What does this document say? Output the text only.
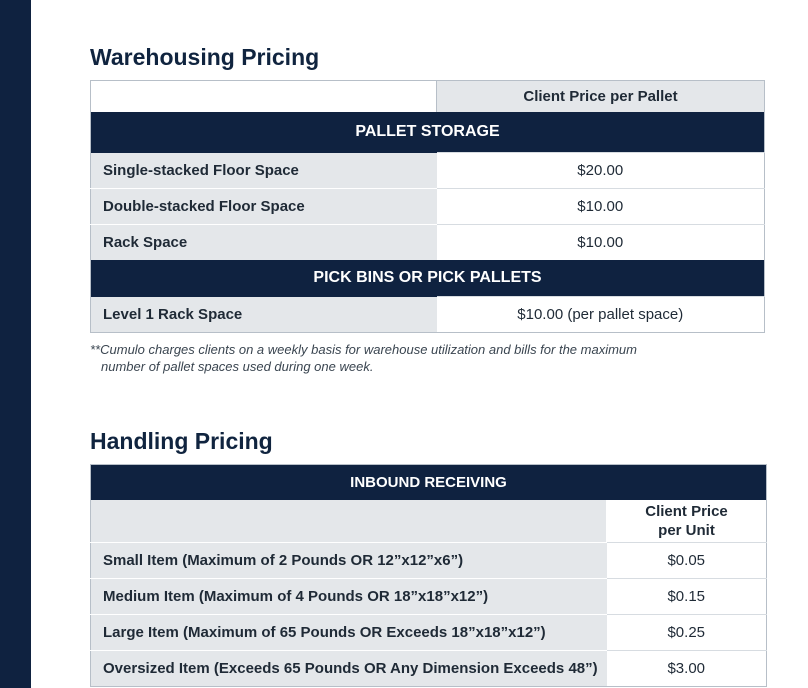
Warehousing Pricing
	Client Price per Pallet
PALLET STORAGE	
Single-stacked Floor Space	$20.00
Double-stacked Floor Space	$10.00
Rack Space	$10.00
PICK BINS OR PICK PALLETS	
Level 1 Rack Space	$10.00 (per pallet space)
**Cumulo charges clients on a weekly basis for warehouse utilization and bills for the maximum
number of pallet spaces used during one week.
Handling Pricing
INBOUND RECEIVING	

	Client Price
per Unit

Small Item (Maximum of 2 Pounds OR 12”x12”x6”)	$0.05
Medium Item (Maximum of 4 Pounds OR 18”x18”x12”)	$0.15
Large Item (Maximum of 65 Pounds OR Exceeds 18”x18”x12”)	$0.25
Oversized Item (Exceeds 65 Pounds OR Any Dimension Exceeds 48”)	$3.00
